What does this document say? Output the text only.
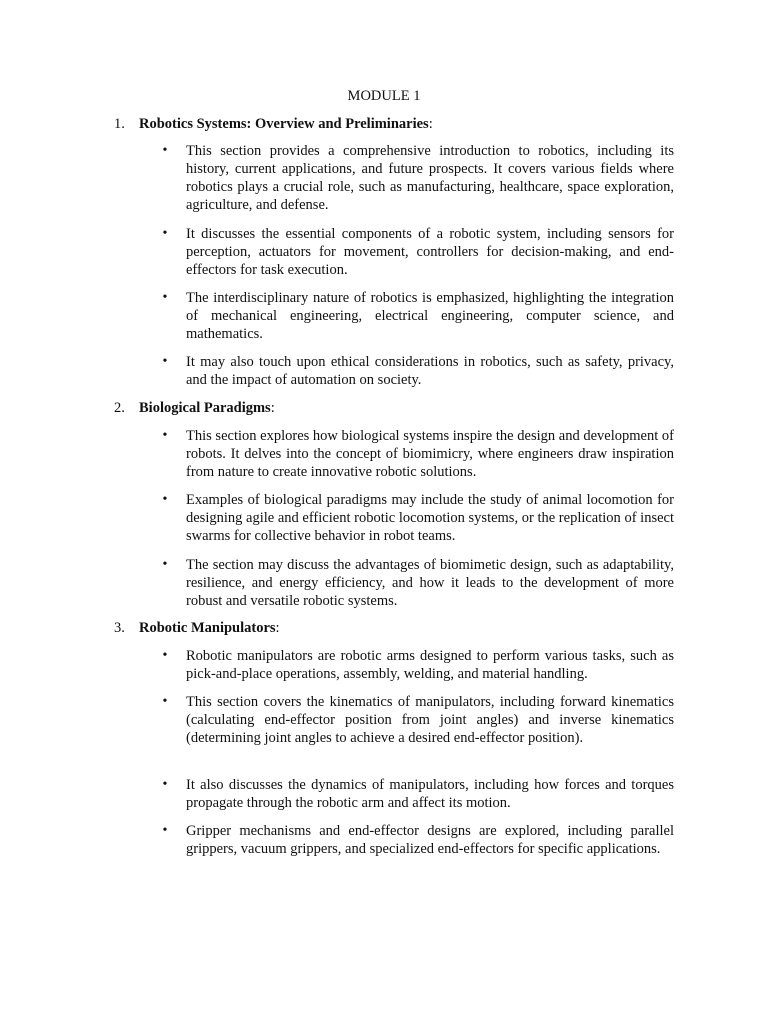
MODULE 1
1. Robotics Systems: Overview and Preliminaries:
• This section provides a comprehensive introduction to robotics, including its history, current applications, and future prospects. It covers various fields where robotics plays a crucial role, such as manufacturing, healthcare, space exploration, agriculture, and defense.
• It discusses the essential components of a robotic system, including sensors for perception, actuators for movement, controllers for decision-making, and end-effectors for task execution.
• The interdisciplinary nature of robotics is emphasized, highlighting the integration of mechanical engineering, electrical engineering, computer science, and mathematics.
• It may also touch upon ethical considerations in robotics, such as safety, privacy, and the impact of automation on society.
2. Biological Paradigms:
• This section explores how biological systems inspire the design and development of robots. It delves into the concept of biomimicry, where engineers draw inspiration from nature to create innovative robotic solutions.
• Examples of biological paradigms may include the study of animal locomotion for designing agile and efficient robotic locomotion systems, or the replication of insect swarms for collective behavior in robot teams.
• The section may discuss the advantages of biomimetic design, such as adaptability, resilience, and energy efficiency, and how it leads to the development of more robust and versatile robotic systems.
3. Robotic Manipulators:
• Robotic manipulators are robotic arms designed to perform various tasks, such as pick-and-place operations, assembly, welding, and material handling.
• This section covers the kinematics of manipulators, including forward kinematics (calculating end-effector position from joint angles) and inverse kinematics (determining joint angles to achieve a desired end-effector position).
• It also discusses the dynamics of manipulators, including how forces and torques propagate through the robotic arm and affect its motion.
• Gripper mechanisms and end-effector designs are explored, including parallel grippers, vacuum grippers, and specialized end-effectors for specific applications.
